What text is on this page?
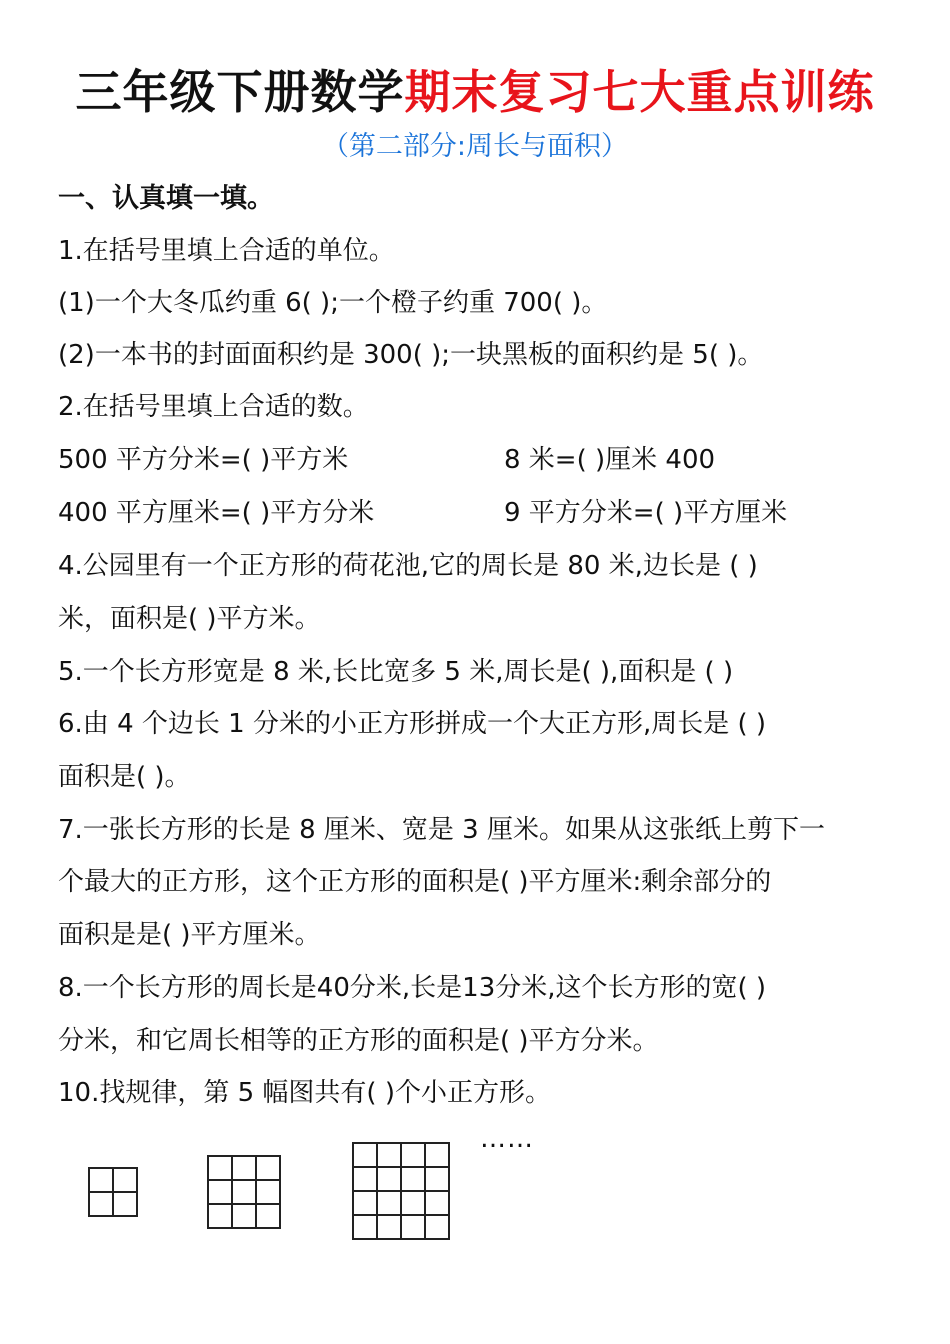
三年级下册数学期末复习七大重点训练
（第二部分:周长与面积）
一、认真填一填。
1.在括号里填上合适的单位。
(1)一个大冬瓜约重 6( );一个橙子约重 700( )。
(2)一本书的封面面积约是 300( );一块黑板的面积约是 5( )。
2.在括号里填上合适的数。
500 平方分米=( )平方米	8 米=( )厘米 400
400 平方厘米=( )平方分米	9 平方分米=( )平方厘米
4.公园里有一个正方形的荷花池,它的周长是 80 米,边长是 ( )
米，面积是( )平方米。
5.一个长方形宽是 8 米,长比宽多 5 米,周长是( ),面积是 ( )
6.由 4 个边长 1 分米的小正方形拼成一个大正方形,周长是 ( )
面积是( )。
7.一张长方形的长是 8 厘米、宽是 3 厘米。如果从这张纸上剪下一
个最大的正方形，这个正方形的面积是( )平方厘米:剩余部分的
面积是是( )平方厘米。
8.一个长方形的周长是40分米,长是13分米,这个长方形的宽( )
分米，和它周长相等的正方形的面积是( )平方分米。
10.找规律，第 5 幅图共有( )个小正方形。
……
